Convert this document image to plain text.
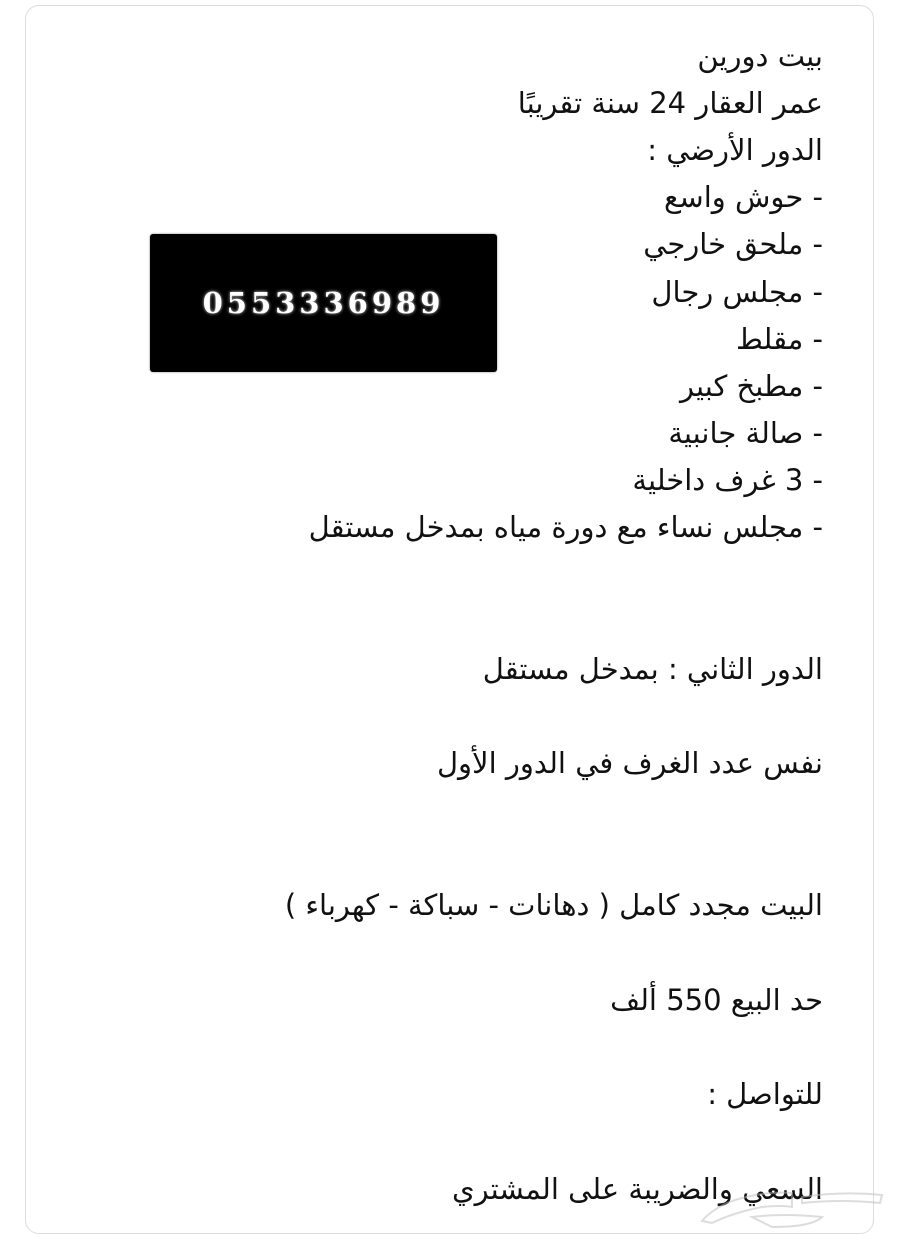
بيت دورين
عمر العقار 24 سنة تقريبًا
الدور الأرضي :
- حوش واسع
- ملحق خارجي
- مجلس رجال
- مقلط
- مطبخ كبير
- صالة جانبية
- 3 غرف داخلية
- مجلس نساء مع دورة مياه بمدخل مستقل
الدور الثاني : بمدخل مستقل
نفس عدد الغرف في الدور الأول
البيت مجدد كامل ( دهانات - سباكة - كهرباء )
حد البيع 550 ألف
للتواصل :
السعي والضريبة على المشتري
0553336989
